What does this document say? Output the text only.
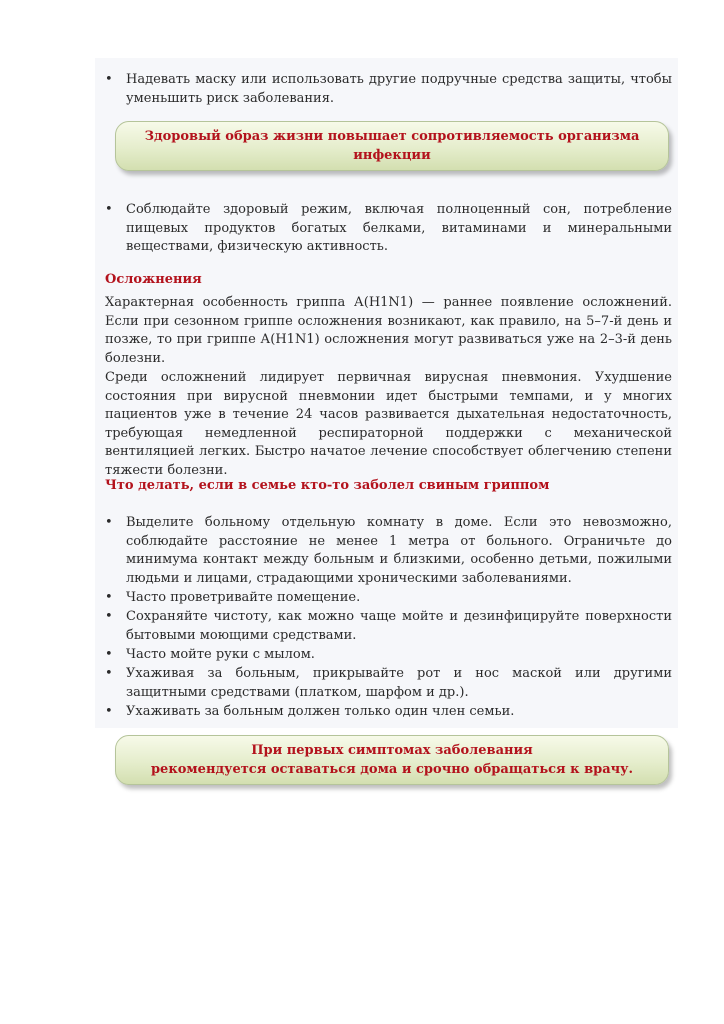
• Надевать маску или использовать другие подручные средства защиты, чтобы уменьшить риск заболевания.
Здоровый образ жизни повышает сопротивляемость организма
инфекции
• Соблюдайте здоровый режим, включая полноценный сон, потребление пищевых продуктов богатых белками, витаминами и минеральными веществами, физическую активность.
Осложнения
Характерная особенность гриппа А(H1N1) — раннее появление осложнений. Если при сезонном гриппе осложнения возникают, как правило, на 5–7-й день и позже, то при гриппе А(H1N1) осложнения могут развиваться уже на 2–3-й день болезни.
Среди осложнений лидирует первичная вирусная пневмония. Ухудшение состояния при вирусной пневмонии идет быстрыми темпами, и у многих пациентов уже в течение 24 часов развивается дыхательная недостаточность, требующая немедленной респираторной поддержки с механической вентиляцией легких. Быстро начатое лечение способствует облегчению степени тяжести болезни.
Что делать, если в семье кто-то заболел свиным гриппом
• Выделите больному отдельную комнату в доме. Если это невозможно, соблюдайте расстояние не менее 1 метра от больного. Ограничьте до минимума контакт между больным и близкими, особенно детьми, пожилыми людьми и лицами, страдающими хроническими заболеваниями.
• Часто проветривайте помещение.
• Сохраняйте чистоту, как можно чаще мойте и дезинфицируйте поверхности бытовыми моющими средствами.
• Часто мойте руки с мылом.
• Ухаживая за больным, прикрывайте рот и нос маской или другими защитными средствами (платком, шарфом и др.).
• Ухаживать за больным должен только один член семьи.
При первых симптомах заболевания
рекомендуется оставаться дома и срочно обращаться к врачу.
